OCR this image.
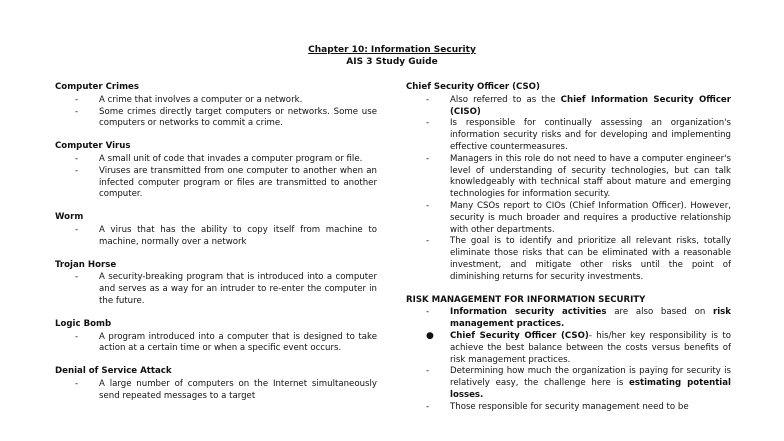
Chapter 10: Information Security
AIS 3 Study Guide
Computer Crimes
- A crime that involves a computer or a network.
- Some crimes directly target computers or networks. Some use computers or networks to commit a crime.
Computer Virus
- A small unit of code that invades a computer program or file.
- Viruses are transmitted from one computer to another when an infected computer program or files are transmitted to another computer.
Worm
- A virus that has the ability to copy itself from machine to machine, normally over a network
Trojan Horse
- A security-breaking program that is introduced into a computer and serves as a way for an intruder to re-enter the computer in the future.
Logic Bomb
- A program introduced into a computer that is designed to take action at a certain time or when a specific event occurs.
Denial of Service Attack
- A large number of computers on the Internet simultaneously send repeated messages to a target
Chief Security Officer (CSO)
- Also referred to as the Chief Information Security Officer (CISO)
- Is responsible for continually assessing an organization's information security risks and for developing and implementing effective countermeasures.
- Managers in this role do not need to have a computer engineer's level of understanding of security technologies, but can talk knowledgeably with technical staff about mature and emerging technologies for information security.
- Many CSOs report to CIOs (Chief Information Officer). However, security is much broader and requires a productive relationship with other departments.
- The goal is to identify and prioritize all relevant risks, totally eliminate those risks that can be eliminated with a reasonable investment, and mitigate other risks until the point of diminishing returns for security investments.
RISK MANAGEMENT FOR INFORMATION SECURITY
- Information security activities are also based on risk management practices.
● Chief Security Officer (CSO)- his/her key responsibility is to achieve the best balance between the costs versus benefits of risk management practices.
- Determining how much the organization is paying for security is relatively easy, the challenge here is estimating potential losses.
- Those responsible for security management need to be
